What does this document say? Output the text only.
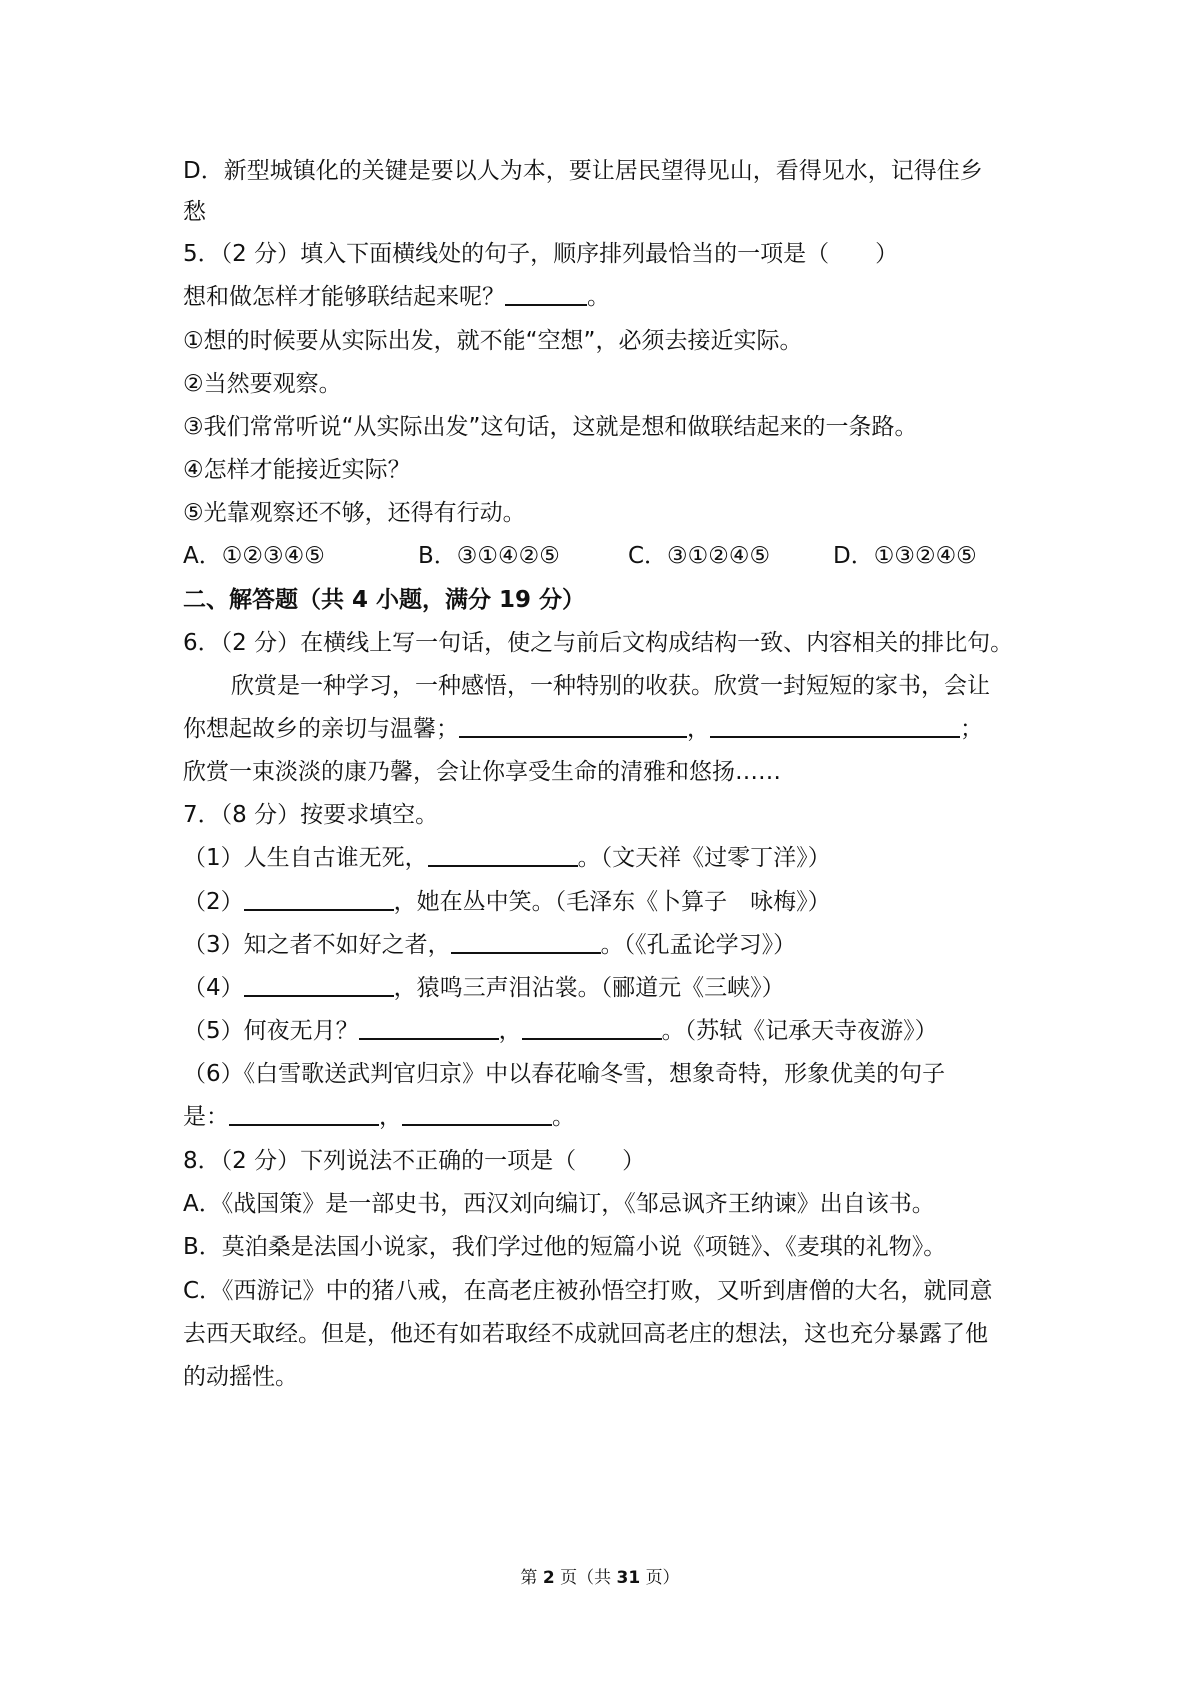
D．新型城镇化的关键是要以人为本，要让居民望得见山，看得见水，记得住乡
愁
5．（2 分）填入下面横线处的句子，顺序排列最恰当的一项是（　　）
想和做怎样才能够联结起来呢？	。
①想的时候要从实际出发，就不能“空想”，必须去接近实际。
②当然要观察。
③我们常常听说“从实际出发”这句话，这就是想和做联结起来的一条路。
④怎样才能接近实际？
⑤光靠观察还不够，还得有行动。
A．①②③④⑤	B．③①④②⑤	C．③①②④⑤	D．①③②④⑤
二、解答题（共 4 小题，满分 19 分）
6．（2 分）在横线上写一句话，使之与前后文构成结构一致、内容相关的排比句。
欣赏是一种学习，一种感悟，一种特别的收获。欣赏一封短短的家书，会让
你想起故乡的亲切与温馨；	，	；
欣赏一束淡淡的康乃馨，会让你享受生命的清雅和悠扬……
7．（8 分）按要求填空。
（1）人生自古谁无死，	。（文天祥《过零丁洋》）
（2）	，她在丛中笑。（毛泽东《卜算子　咏梅》）
（3）知之者不如好之者，	。（《孔孟论学习》）
（4）	，猿鸣三声泪沾裳。（郦道元《三峡》）
（5）何夜无月？	，	。（苏轼《记承天寺夜游》）
（6）《白雪歌送武判官归京》中以春花喻冬雪，想象奇特，形象优美的句子
是：	，	。
8．（2 分）下列说法不正确的一项是（　　）
A．《战国策》是一部史书，西汉刘向编订，《邹忌讽齐王纳谏》出自该书。
B．莫泊桑是法国小说家，我们学过他的短篇小说《项链》、《麦琪的礼物》。
C．《西游记》中的猪八戒，在高老庄被孙悟空打败，又听到唐僧的大名，就同意
去西天取经。但是，他还有如若取经不成就回高老庄的想法，这也充分暴露了他
的动摇性。
第 2 页（共 31 页）
